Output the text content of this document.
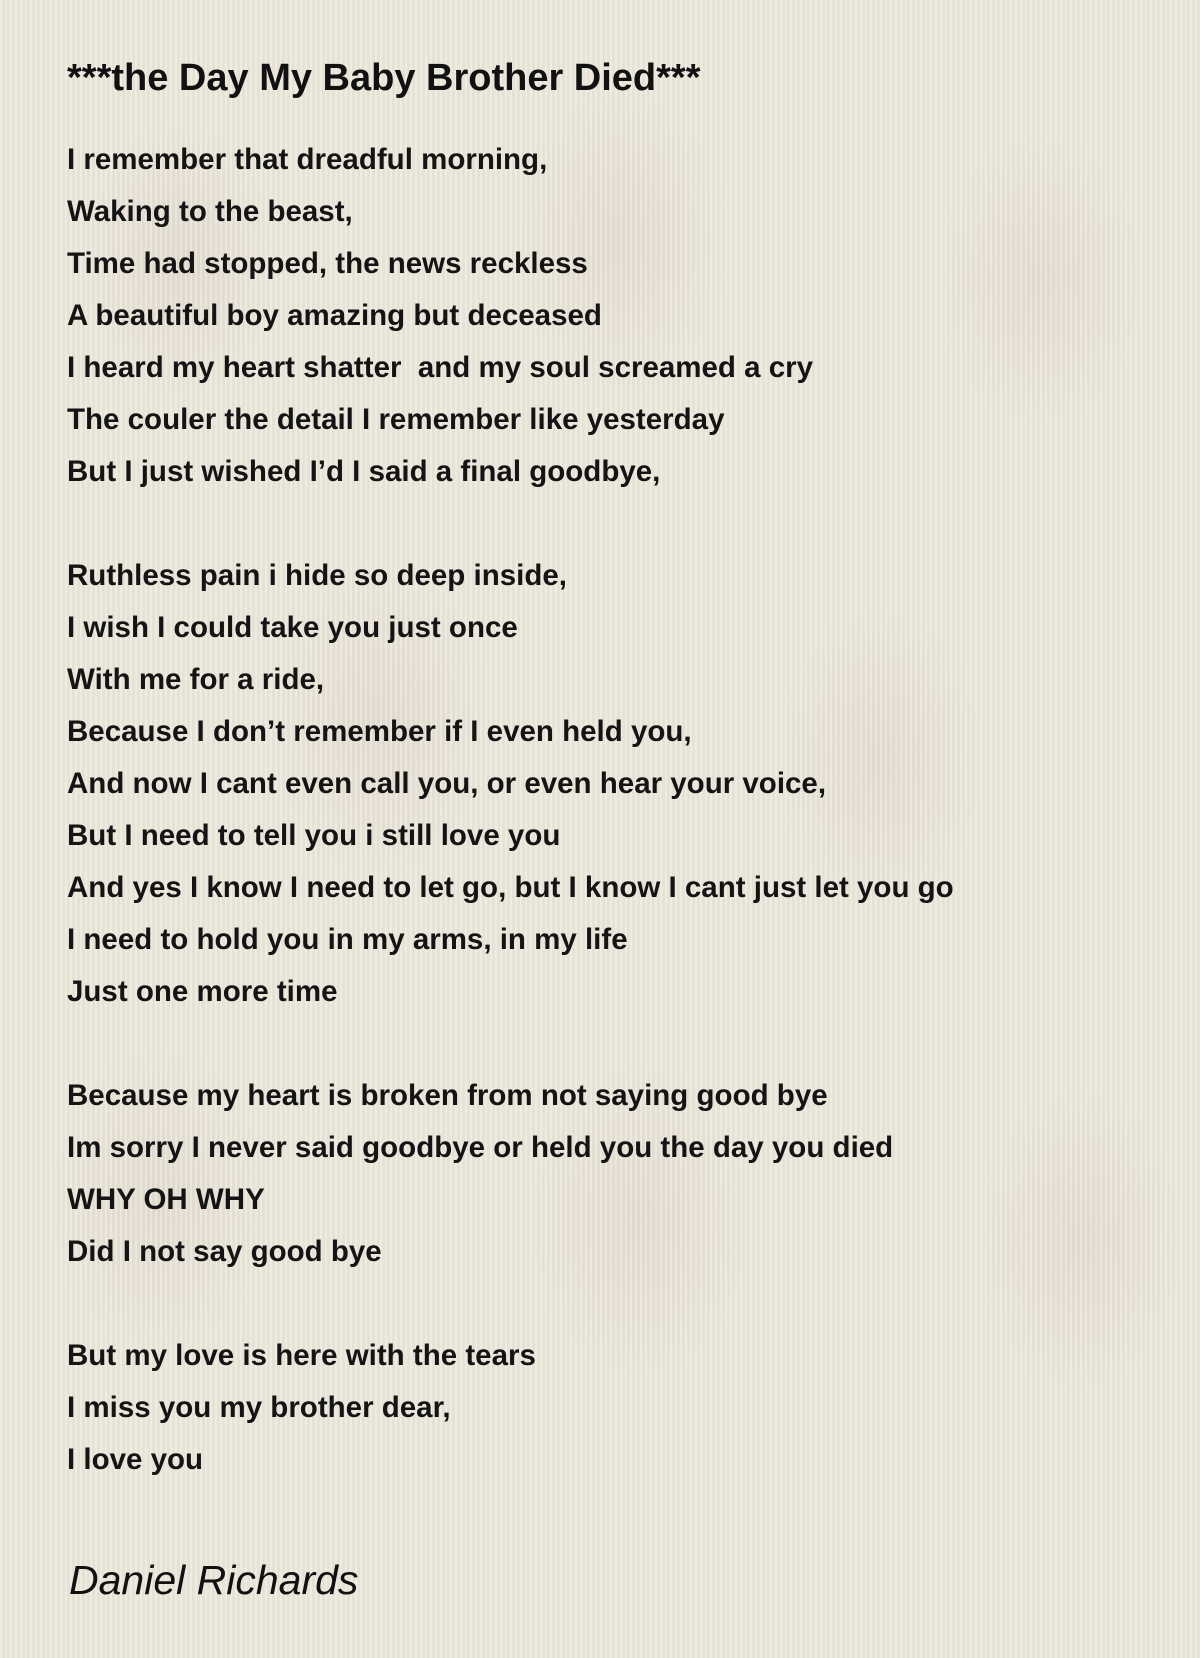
***the Day My Baby Brother Died***
I remember that dreadful morning,
Waking to the beast,
Time had stopped, the news reckless
A beautiful boy amazing but deceased
I heard my heart shatter  and my soul screamed a cry
The couler the detail I remember like yesterday
But I just wished I’d I said a final goodbye,
Ruthless pain i hide so deep inside,
I wish I could take you just once
With me for a ride,
Because I don’t remember if I even held you,
And now I cant even call you, or even hear your voice,
But I need to tell you i still love you
And yes I know I need to let go, but I know I cant just let you go
I need to hold you in my arms, in my life
Just one more time
Because my heart is broken from not saying good bye
Im sorry I never said goodbye or held you the day you died
WHY OH WHY
Did I not say good bye
But my love is here with the tears
I miss you my brother dear,
I love you
Daniel Richards
